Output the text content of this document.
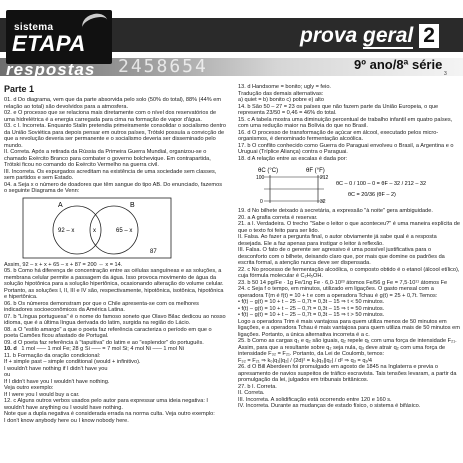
sistema
ETAPA
respostas 2458654
prova geral 2
9º ano/8ª série
3

Parte 1

01. d Do diagrama, vem que da parte absorvida pelo solo (50% do total), 88% (44% em relação ao total) são devolvidos para a atmosfera.

02. e O processo que se relaciona mais diretamente com o nível dos reservatórios de uma hidrelétrica é a energia carregada para cima na formação de vapor d'água.

03. c I. Incorreta. Enquanto Stalin pretendia primeiramente consolidar o socialismo dentro da União Soviética para depois pensar em outros países, Trótski possuía a convicção de que a revolução deveria ser permanente e o socialismo deveria ser disseminado pelo mundo.

II. Correta. Após a retirada da Rússia da Primeira Guerra Mundial, organizou-se o chamado Exército Branco para combater o governo bolchevique. Em contrapartida, Trótski ficou no comando do Exército Vermelho na guerra civil.

III. Incorreta. Os expurgados acreditam na existência de uma sociedade sem classes, sem partidos e sem Estado.

04. a Seja x o número de doadores que têm sangue do tipo AB. Do enunciado, fazemos o seguinte Diagrama de Venn:

A	B
92 – x	x	65 – x
87

Assim, 92 – x + x + 65 – x + 87 = 200 ⇔ x = 14.

05. b Como há diferença de concentração entre as células sanguíneas e as soluções, a membrana celular permite a passagem da água. Isso provoca movimento de água da solução hipotônica para a solução hipertônica, ocasionando alteração do volume celular. Portanto, as soluções I, II, III e IV são, respectivamente, hipotônica, isotônica, hipotônica e hipertônica.

06. b Os números demonstram por que o Chile apresenta-se com os melhores indicadores socioeconômicos da América Latina.

07. b "Língua portuguesa" é o nome do famoso soneto que Olavo Bilac dedicou ao nosso idioma, que é a última língua derivada do latim, surgida na região do Lácio.

08. a O "estilo amargo" a que o poeta faz referência caracteriza o período em que o poeta Camões ficou afastado de Portugal.

09. d O poeta faz referência à "tapuitiva" do latim e ao "esplendor" do português.

10. d 1 mol ––– 1 mol Fe; 28 g Si ––– = 7 mol Si; 4 mol Ni ––– 1 mol Ni

11. b Formação da oração condicional:

If + simple past – simple conditional (would + infinitivo).

I wouldn't have nothing if I didn't have you

ou

If I didn't have you I wouldn't have nothing.

Veja outro exemplo:

If I were you I would buy a car.

12. c Alguns outros verbos usados pelo autor para expressar uma ideia negativa: I wouldn't have anything ou I would have nothing.

Note que a dupla negativa é considerada errada na norma culta. Veja outro exemplo:

I don't know anybody here ou I know nobody here.

13. d Handsome = bonito; ugly = feio.

Tradução das demais alternativas:

a) quiet = b) bonito c) pobre e) alto

14. b São 50 – 27 = 23 os países que não fazem parte da União Europeia, o que representa 23/50 = 0,46 = 46% do total.

15. c A tabela mostra uma diminuição percentual de trabalho infantil em quatro países, com uma redução maior na Bolívia do que no Brasil.

16. d O processo de transformação de açúcar em álcool, executado pelos micro-organismos, é denominado fermentação alcoólica.

17. b O conflito conhecido como Guerra do Paraguai envolveu o Brasil, a Argentina e o Uruguai (Tríplice Aliança) contra o Paraguai.

18. d A relação entre as escalas é dada por:

θC (°C)	θF (°F)
100	212
0	32
θC – 0 / 100 – 0 = θF – 32 / 212 – 32
θC = 20/36 (θF – 2)

19. d No bilhete deixado à secretária, a expressão "à noite" gera ambiguidade.

20. a A grafia correta é reservar.

21. a I. Verdadeira. O trecho "Sabe o leitor o que aconteceu?" é uma maneira explícita de que o texto foi feito para ser lido.

II. Falsa. Ao fazer a pergunta final, o autor obviamente já sabe qual é a resposta desejada. Ele a faz apenas para instigar o leitor à reflexão.

III. Falsa. O fato de o gerente ser agressivo é uma possível justificativa para o desconforto com o bilhete, deixando claro que, por mais que domine os padrões da escrita formal, a atenção nunca deve ser dispensada.

22. c No processo de fermentação alcoólica, o composto obtido é o etanol (álcool etílico), cuja fórmula molecular é C₂H₅OH.

23. b 50 14 pg/Fe · 1g Fe/1ng Fe · 6,0·10²³ átomos Fe/56 g Fe = 7,5·10¹¹ átomos Fe

24. c Seja f o tempo, em minutos, utilizado em ligações. O gasto mensal com a operadora T(m é f(t) = 10 + t e com a operadora Tchau é g(t) = 25 + 0,7t. Temos:

• f(t) – g(t) = 10 + t – 25 – 0,7t = 0,3t – 15 ⇒ t < 50 minutos.

• f(t) – g(t) = 10 + t – 25 – 0,7t = 0,3t – 15 ⇒ t = 50 minutos.

• f(t) – g(t) = 10 + t – 25 – 0,7t = 0,3t – 15 ⇒ t > 50 minutos.

Logo a operadora Trim é mais vantajosa para quem utiliza menos de 50 minutos em ligações, e a operadora Tchau é mais vantajosa para quem utiliza mais de 50 minutos em ligações. Portanto, a única alternativa incorreta é a c.

25. b Como as cargas q₁ e q₂ são iguais, q₂ repele q₁ com uma força de intensidade F₂₁. Assim, para que a resultante sobre q₂ seja nula, q₃ deve atrair q₂ com uma força de intensidade F₃₂ = F₂₁. Portanto, da Lei de Coulomb, temos:

F₃₂ = F₂₁ ⇒ k₀|q₁||q₂| / (2d)² = k₀|q₃||q₂| / d² ⇒ q₃ = q₁/4

26. d O Bill Aberdeen foi promulgado em agosto de 1845 na Inglaterra e previa o apresamento de navios suspeitos de tráfico escravista. Tais tensões levaram, a partir da promulgação da lei, julgados em tribunais britânicos.

27. b I. Correta.

II. Correta.

III. Incorreta. A solidificação está ocorrendo entre 120 e 160 s.

IV. Incorreta. Durante as mudanças de estado físico, o sistema é bifásico.
